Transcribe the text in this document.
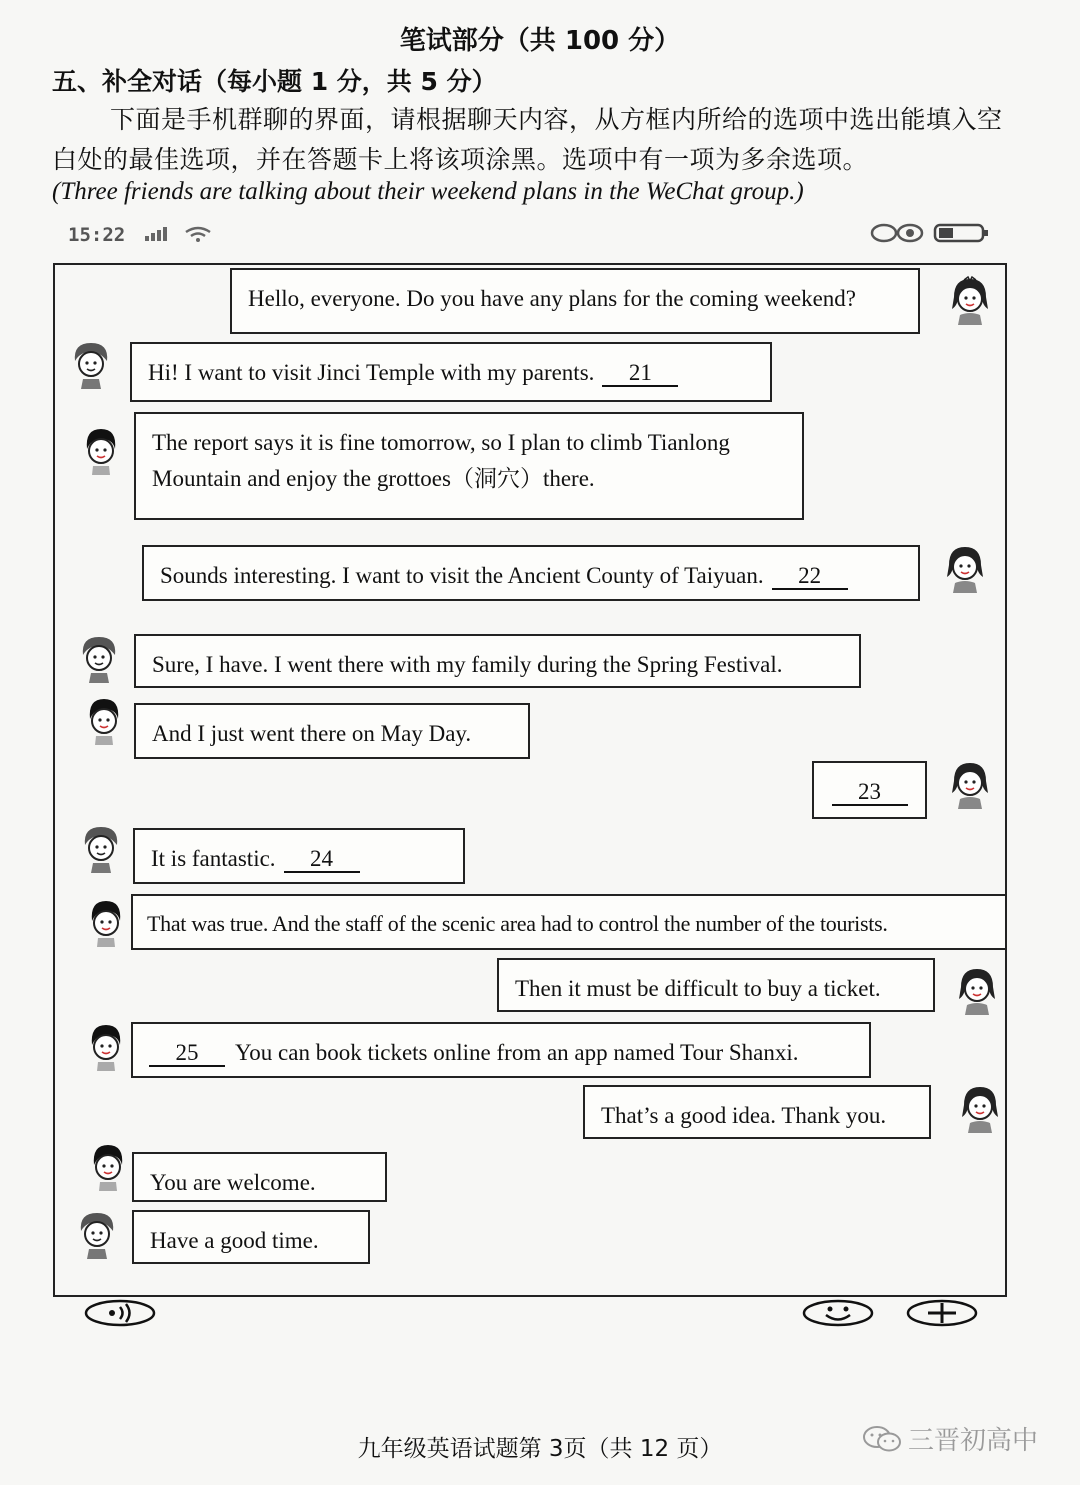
笔试部分（共 100 分）
五、补全对话（每小题 1 分，共 5 分）
下面是手机群聊的界面，请根据聊天内容，从方框内所给的选项中选出能填入空白处的最佳选项，并在答题卡上将该项涂黑。选项中有一项为多余选项。
(Three friends are talking about their weekend plans in the WeChat group.)
15:22

Hello, everyone. Do you have any plans for the coming weekend?
Hi! I want to visit Jinci Temple with my parents. 21
The report says it is fine tomorrow, so I plan to climb Tianlong
Mountain and enjoy the grottoes（洞穴）there.
Sounds interesting. I want to visit the Ancient County of Taiyuan. 22
Sure, I have. I went there with my family during the Spring Festival.
And I just went there on May Day.
23
It is fantastic. 24
That was true. And the staff of the scenic area had to control the number of the tourists.
Then it must be difficult to buy a ticket.
25 You can book tickets online from an app named Tour Shanxi.
That’s a good idea. Thank you.
You are welcome.
Have a good time.
九年级英语试题第 3页（共 12 页）	三晋初高中
